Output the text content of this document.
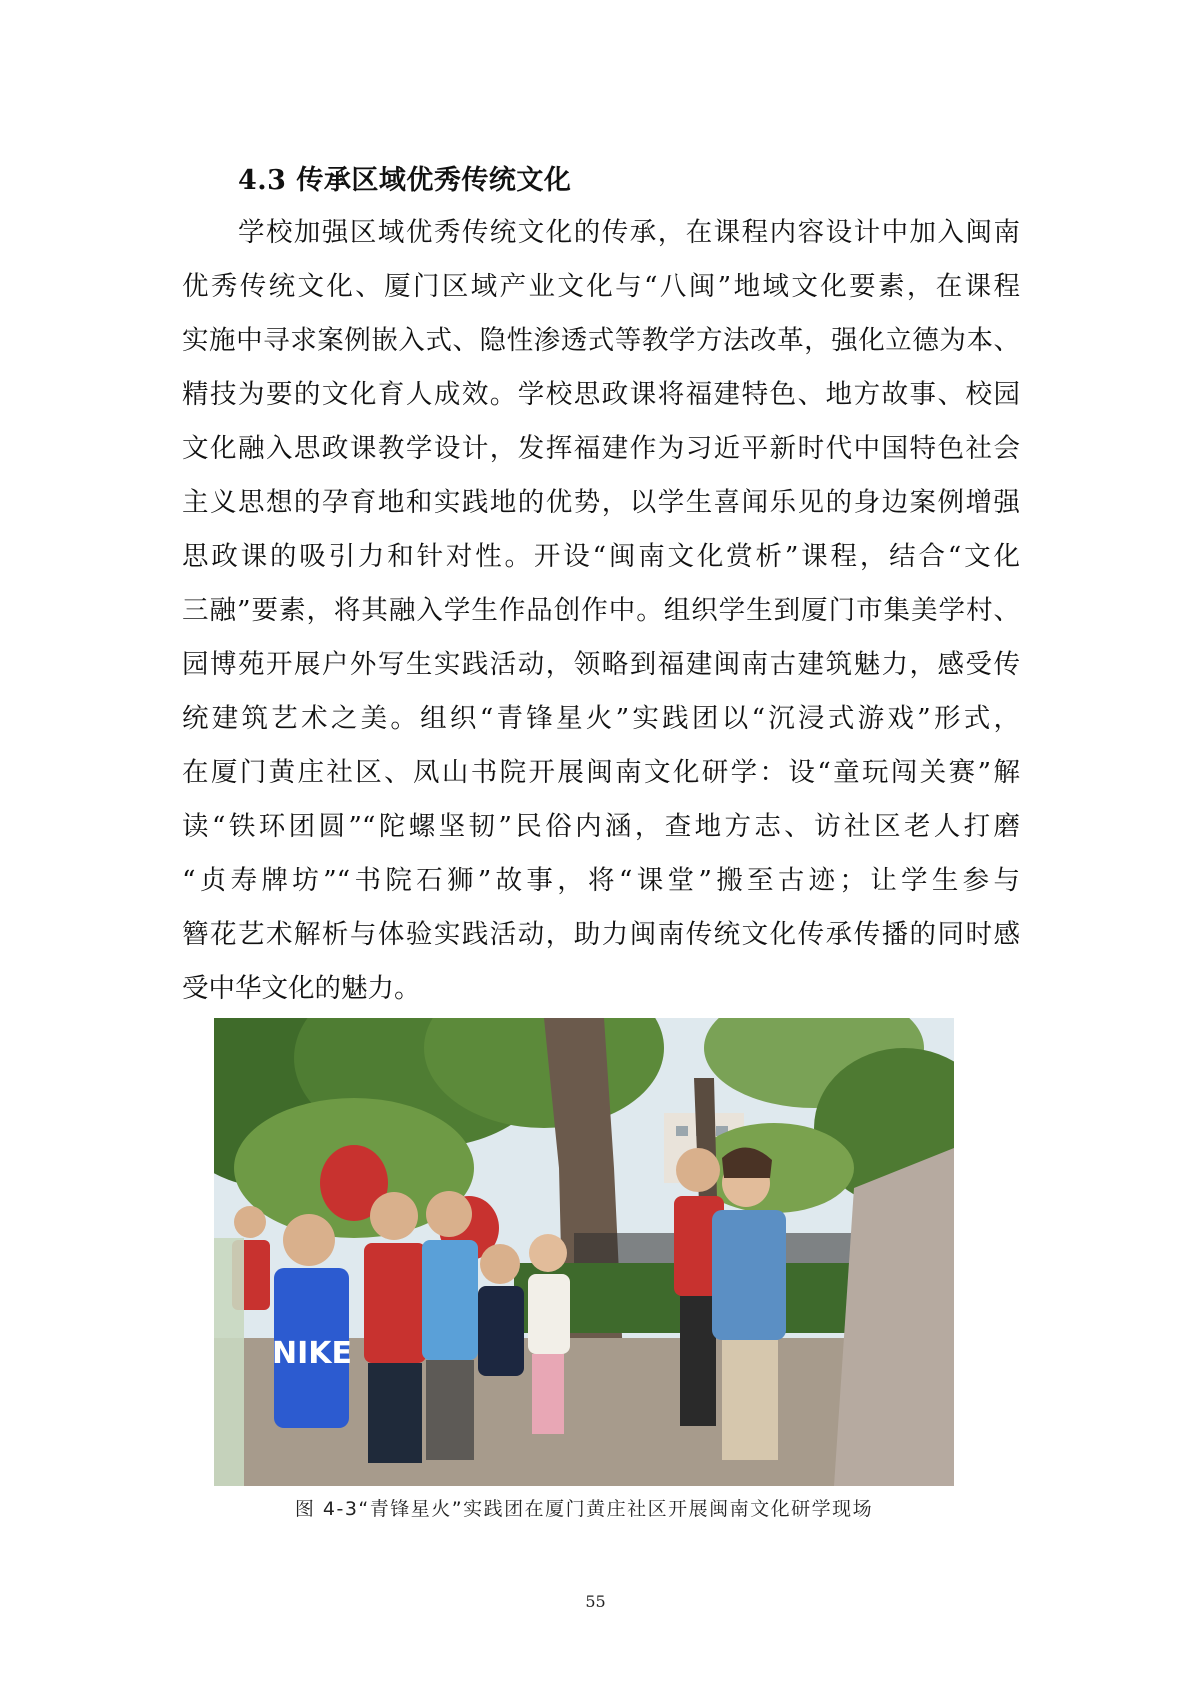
4.3 传承区域优秀传统文化
　　学校加强区域优秀传统文化的传承，在课程内容设计中加入闽南
优秀传统文化、厦门区域产业文化与“八闽”地域文化要素，在课程
实施中寻求案例嵌入式、隐性渗透式等教学方法改革，强化立德为本、
精技为要的文化育人成效。学校思政课将福建特色、地方故事、校园
文化融入思政课教学设计，发挥福建作为习近平新时代中国特色社会
主义思想的孕育地和实践地的优势，以学生喜闻乐见的身边案例增强
思政课的吸引力和针对性。开设“闽南文化赏析”课程，结合“文化
三融”要素，将其融入学生作品创作中。组织学生到厦门市集美学村、
园博苑开展户外写生实践活动，领略到福建闽南古建筑魅力，感受传
统建筑艺术之美。组织“青锋星火”实践团以“沉浸式游戏”形式，
在厦门黄庄社区、凤山书院开展闽南文化研学：设“童玩闯关赛”解
读“铁环团圆”“陀螺坚韧”民俗内涵，查地方志、访社区老人打磨
“贞寿牌坊”“书院石狮”故事，将“课堂”搬至古迹；让学生参与
簪花艺术解析与体验实践活动，助力闽南传统文化传承传播的同时感
受中华文化的魅力。
NIKE
图 4-3“青锋星火”实践团在厦门黄庄社区开展闽南文化研学现场
55
